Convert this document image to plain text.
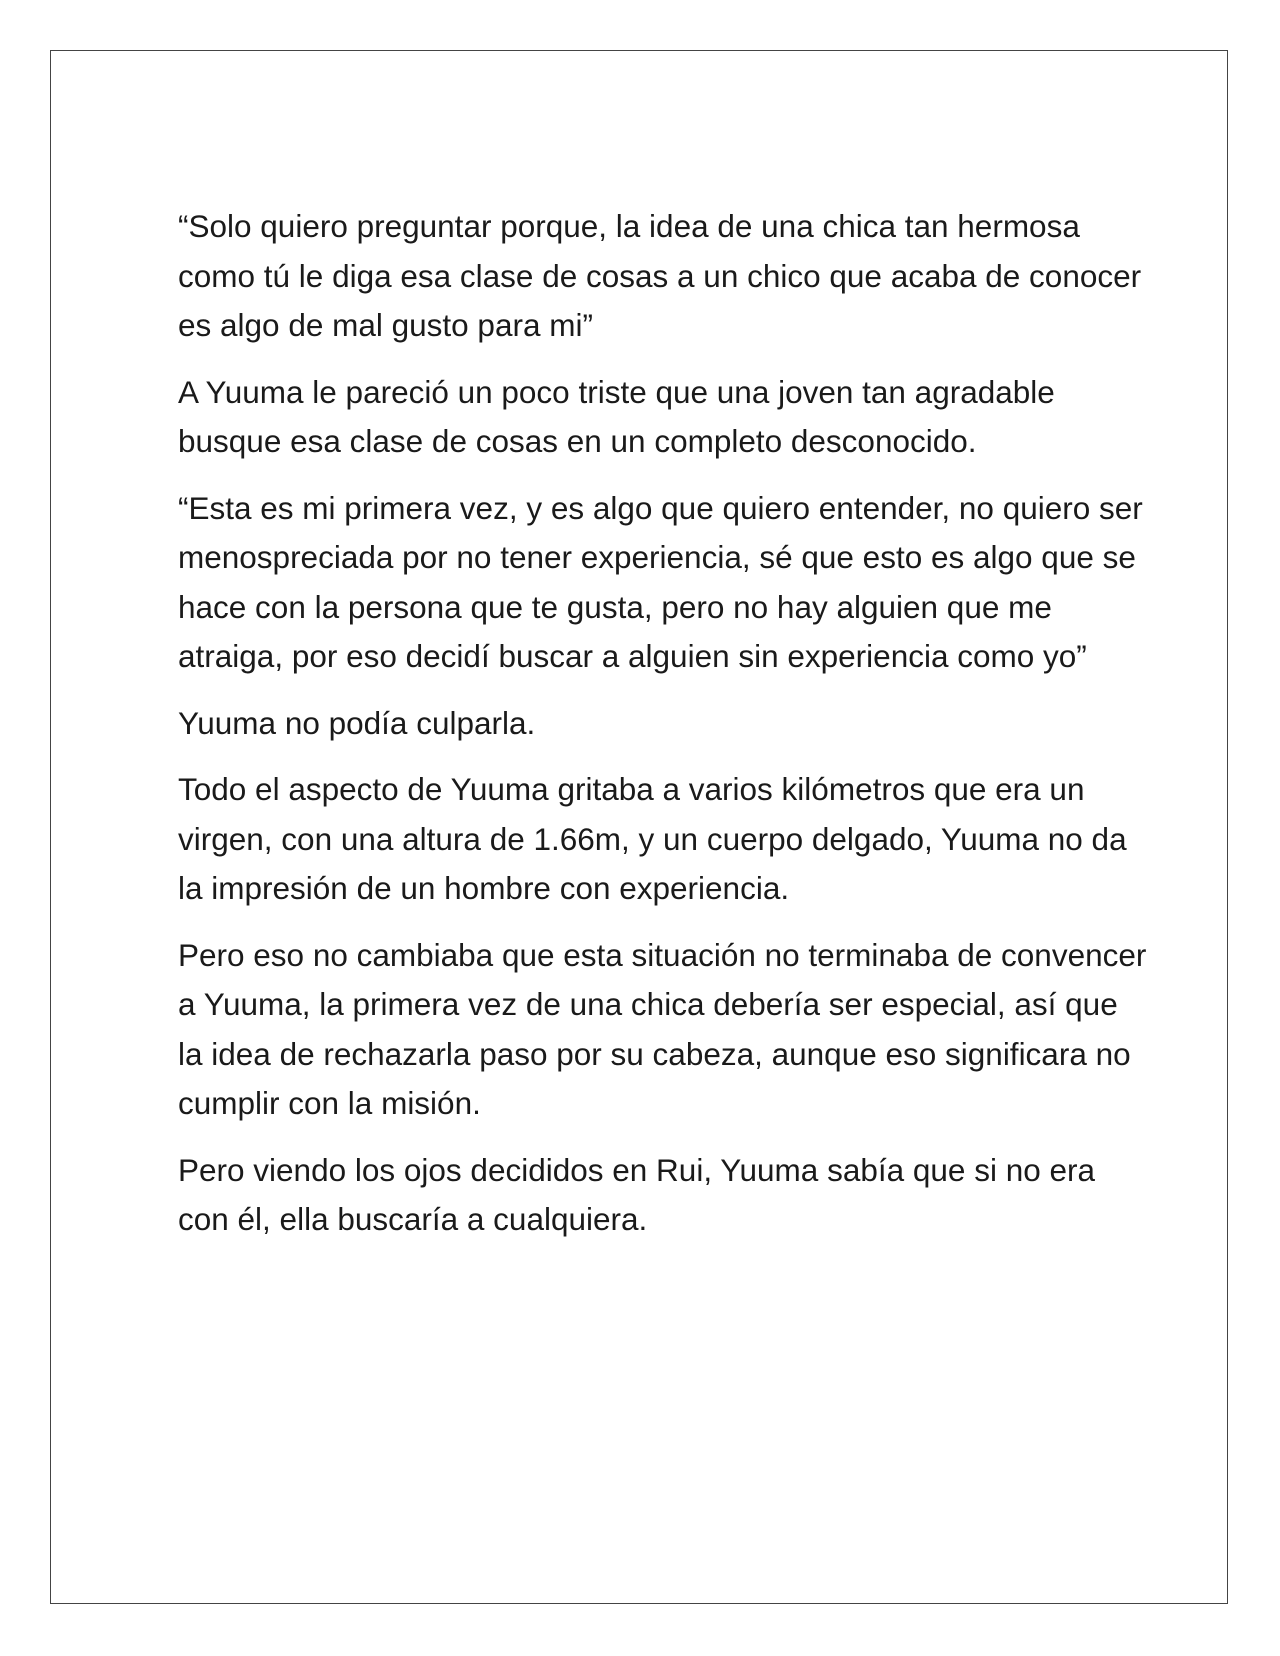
“Solo quiero preguntar porque, la idea de una chica tan hermosa como tú le diga esa clase de cosas a un chico que acaba de conocer es algo de mal gusto para mi”

A Yuuma le pareció un poco triste que una joven tan agradable busque esa clase de cosas en un completo desconocido.

“Esta es mi primera vez, y es algo que quiero entender, no quiero ser menospreciada por no tener experiencia, sé que esto es algo que se hace con la persona que te gusta, pero no hay alguien que me atraiga, por eso decidí buscar a alguien sin experiencia como yo”

Yuuma no podía culparla.

Todo el aspecto de Yuuma gritaba a varios kilómetros que era un virgen, con una altura de 1.66m, y un cuerpo delgado, Yuuma no da la impresión de un hombre con experiencia.

Pero eso no cambiaba que esta situación no terminaba de convencer a Yuuma, la primera vez de una chica debería ser especial, así que la idea de rechazarla paso por su cabeza, aunque eso significara no cumplir con la misión.

Pero viendo los ojos decididos en Rui, Yuuma sabía que si no era con él, ella buscaría a cualquiera.
